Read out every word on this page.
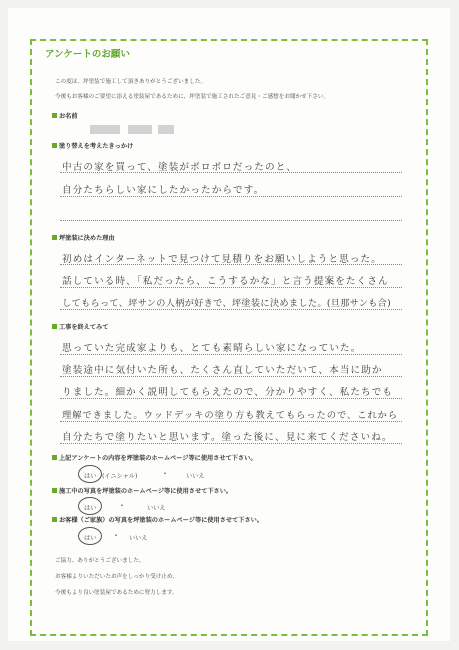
アンケートのお願い
この度は、坪塗装で施工して頂きありがとうございました。
今後もお客様のご要望に添える塗装屋であるために、坪塗装で施工されたご意見・ご感想をお聞かせ下さい。
お名前
塗り替えを考えたきっかけ
中古の家を買って、塗装がボロボロだったのと、
自分たちらしい家にしたかったからです。
坪塗装に決めた理由
初めはインターネットで見つけて見積りをお願いしようと思った。
話している時、「私だったら、こうするかな」と言う提案をたくさん
してもらって、坪サンの人柄が好きで、坪塗装に決めました。(旦那サンも合)
工事を終えてみて
思っていた完成家よりも、とても素晴らしい家になっていた。
塗装途中に気付いた所も、たくさん直していただいて、本当に助か
りました。細かく説明してもらえたので、分かりやすく、私たちでも
理解できました。ウッドデッキの塗り方も教えてもらったので、これから
自分たちで塗りたいと思います。塗った後に、見に来てくださいね。
上記アンケートの内容を坪塗装のホームページ等に使用させて下さい。
はい (イニシャル)	・	いいえ
施工中の写真を坪塗装のホームページ等に使用させて下さい。
はい	・	いいえ
お客様（ご家族）の写真を坪塗装のホームページ等に使用させて下さい。
はい ・ いいえ
ご協力、ありがとうございました。
お客様よりいただいたお声をしっかり受け止め、
今後もより良い塗装屋であるために努力します。
